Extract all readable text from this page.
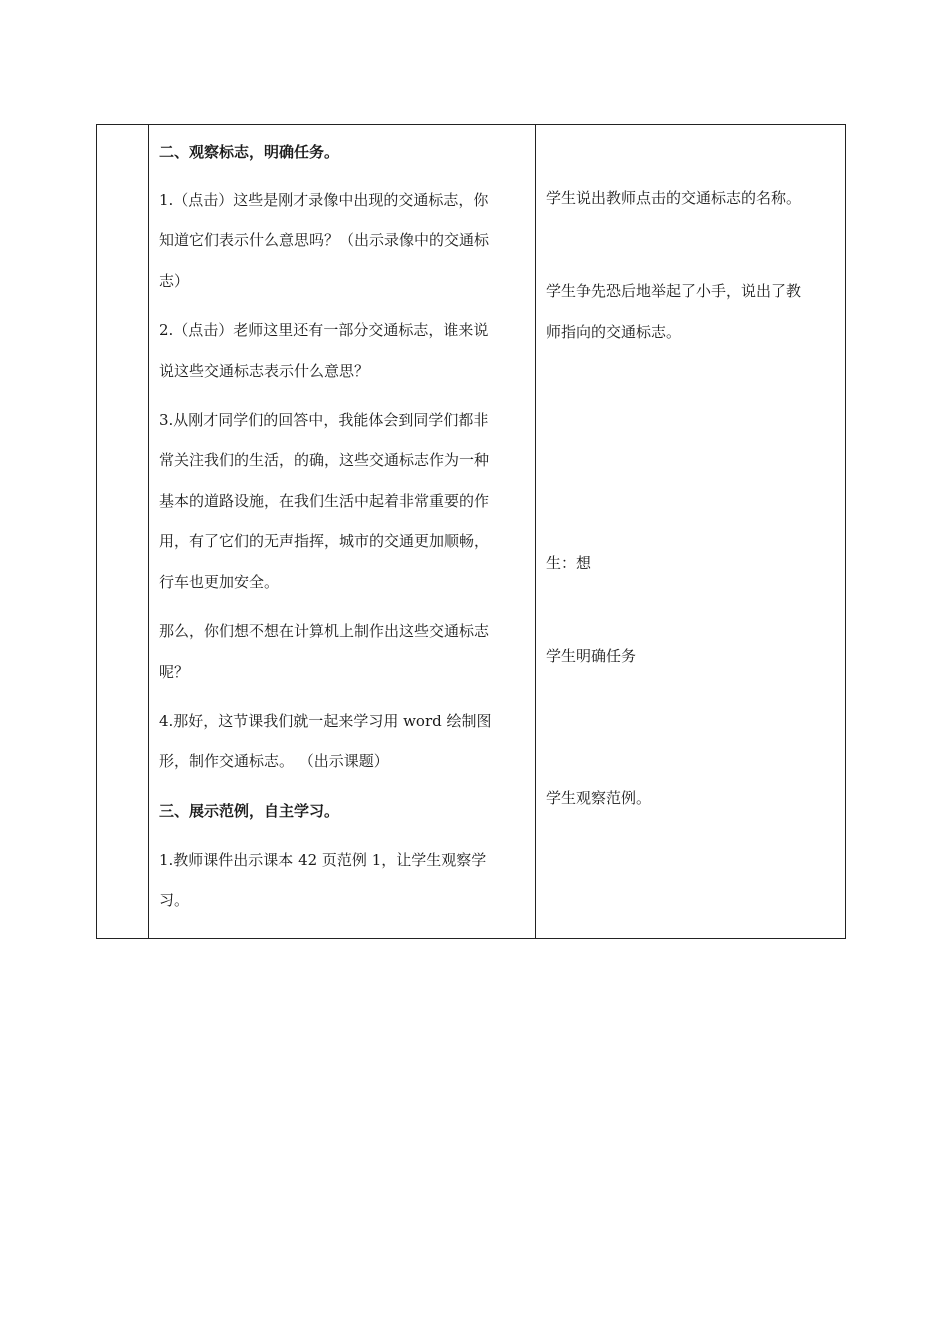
二、观察标志，明确任务。
1.（点击）这些是刚才录像中出现的交通标志，你
知道它们表示什么意思吗？（出示录像中的交通标
志）
2.（点击）老师这里还有一部分交通标志，谁来说
说这些交通标志表示什么意思？
3.从刚才同学们的回答中，我能体会到同学们都非
常关注我们的生活，的确，这些交通标志作为一种
基本的道路设施，在我们生活中起着非常重要的作
用，有了它们的无声指挥，城市的交通更加顺畅，
行车也更加安全。
那么，你们想不想在计算机上制作出这些交通标志
呢？
4.那好，这节课我们就一起来学习用 word 绘制图
形，制作交通标志。 （出示课题）
三、展示范例，自主学习。
1.教师课件出示课本 42 页范例 1，让学生观察学
习。
学生说出教师点击的交通标志的名称。
学生争先恐后地举起了小手，说出了教
师指向的交通标志。
生：想
学生明确任务
学生观察范例。
